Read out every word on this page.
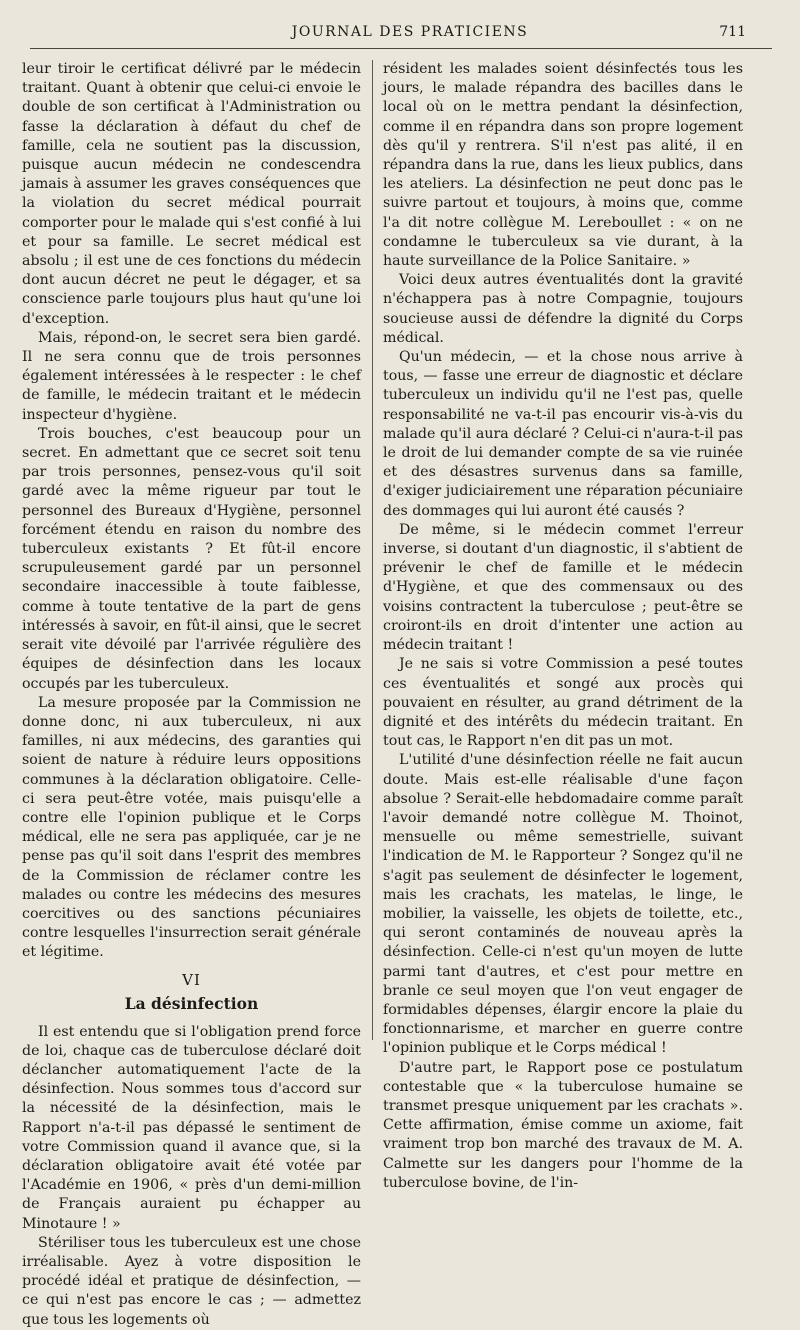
JOURNAL DES PRATICIENS	711

leur tiroir le certificat délivré par le médecin traitant. Quant à obtenir que celui-ci envoie le double de son certificat à l'Administration ou fasse la déclaration à défaut du chef de famille, cela ne soutient pas la discussion, puisque aucun médecin ne condescendra jamais à assumer les graves conséquences que la violation du secret médical pourrait comporter pour le malade qui s'est confié à lui et pour sa famille. Le secret médical est absolu ; il est une de ces fonctions du médecin dont aucun décret ne peut le dégager, et sa conscience parle toujours plus haut qu'une loi d'exception.

Mais, répond-on, le secret sera bien gardé. Il ne sera connu que de trois personnes également intéressées à le respecter : le chef de famille, le médecin traitant et le médecin inspecteur d'hygiène.

Trois bouches, c'est beaucoup pour un secret. En admettant que ce secret soit tenu par trois personnes, pensez-vous qu'il soit gardé avec la même rigueur par tout le personnel des Bureaux d'Hygiène, personnel forcément étendu en raison du nombre des tuberculeux existants ? Et fût-il encore scrupuleusement gardé par un personnel secondaire inaccessible à toute faiblesse, comme à toute tentative de la part de gens intéressés à savoir, en fût-il ainsi, que le secret serait vite dévoilé par l'arrivée régulière des équipes de désinfection dans les locaux occupés par les tuberculeux.

La mesure proposée par la Commission ne donne donc, ni aux tuberculeux, ni aux familles, ni aux médecins, des garanties qui soient de nature à réduire leurs oppositions communes à la déclaration obligatoire. Celle-ci sera peut-être votée, mais puisqu'elle a contre elle l'opinion publique et le Corps médical, elle ne sera pas appliquée, car je ne pense pas qu'il soit dans l'esprit des membres de la Commission de réclamer contre les malades ou contre les médecins des mesures coercitives ou des sanctions pécuniaires contre lesquelles l'insurrection serait générale et légitime.

VI
La désinfection

Il est entendu que si l'obligation prend force de loi, chaque cas de tuberculose déclaré doit déclancher automatiquement l'acte de la désinfection. Nous sommes tous d'accord sur la nécessité de la désinfection, mais le Rapport n'a-t-il pas dépassé le sentiment de votre Commission quand il avance que, si la déclaration obligatoire avait été votée par l'Académie en 1906, « près d'un demi-million de Français auraient pu échapper au Minotaure ! »

Stériliser tous les tuberculeux est une chose irréalisable. Ayez à votre disposition le procédé idéal et pratique de désinfection, — ce qui n'est pas encore le cas ; — admettez que tous les logements où

résident les malades soient désinfectés tous les jours, le malade répandra des bacilles dans le local où on le mettra pendant la désinfection, comme il en répandra dans son propre logement dès qu'il y rentrera. S'il n'est pas alité, il en répandra dans la rue, dans les lieux publics, dans les ateliers. La désinfection ne peut donc pas le suivre partout et toujours, à moins que, comme l'a dit notre collègue M. Lereboullet : « on ne condamne le tuberculeux sa vie durant, à la haute surveillance de la Police Sanitaire. »

Voici deux autres éventualités dont la gravité n'échappera pas à notre Compagnie, toujours soucieuse aussi de défendre la dignité du Corps médical.

Qu'un médecin, — et la chose nous arrive à tous, — fasse une erreur de diagnostic et déclare tuberculeux un individu qu'il ne l'est pas, quelle responsabilité ne va-t-il pas encourir vis-à-vis du malade qu'il aura déclaré ? Celui-ci n'aura-t-il pas le droit de lui demander compte de sa vie ruinée et des désastres survenus dans sa famille, d'exiger judiciairement une réparation pécuniaire des dommages qui lui auront été causés ?

De même, si le médecin commet l'erreur inverse, si doutant d'un diagnostic, il s'abtient de prévenir le chef de famille et le médecin d'Hygiène, et que des commensaux ou des voisins contractent la tuberculose ; peut-être se croiront-ils en droit d'intenter une action au médecin traitant !

Je ne sais si votre Commission a pesé toutes ces éventualités et songé aux procès qui pouvaient en résulter, au grand détriment de la dignité et des intérêts du médecin traitant. En tout cas, le Rapport n'en dit pas un mot.

L'utilité d'une désinfection réelle ne fait aucun doute. Mais est-elle réalisable d'une façon absolue ? Serait-elle hebdomadaire comme paraît l'avoir demandé notre collègue M. Thoinot, mensuelle ou même semestrielle, suivant l'indication de M. le Rapporteur ? Songez qu'il ne s'agit pas seulement de désinfecter le logement, mais les crachats, les matelas, le linge, le mobilier, la vaisselle, les objets de toilette, etc., qui seront contaminés de nouveau après la désinfection. Celle-ci n'est qu'un moyen de lutte parmi tant d'autres, et c'est pour mettre en branle ce seul moyen que l'on veut engager de formidables dépenses, élargir encore la plaie du fonctionnarisme, et marcher en guerre contre l'opinion publique et le Corps médical !

D'autre part, le Rapport pose ce postulatum contestable que « la tuberculose humaine se transmet presque uniquement par les crachats ». Cette affirmation, émise comme un axiome, fait vraiment trop bon marché des travaux de M. A. Calmette sur les dangers pour l'homme de la tuberculose bovine, de l'in-
